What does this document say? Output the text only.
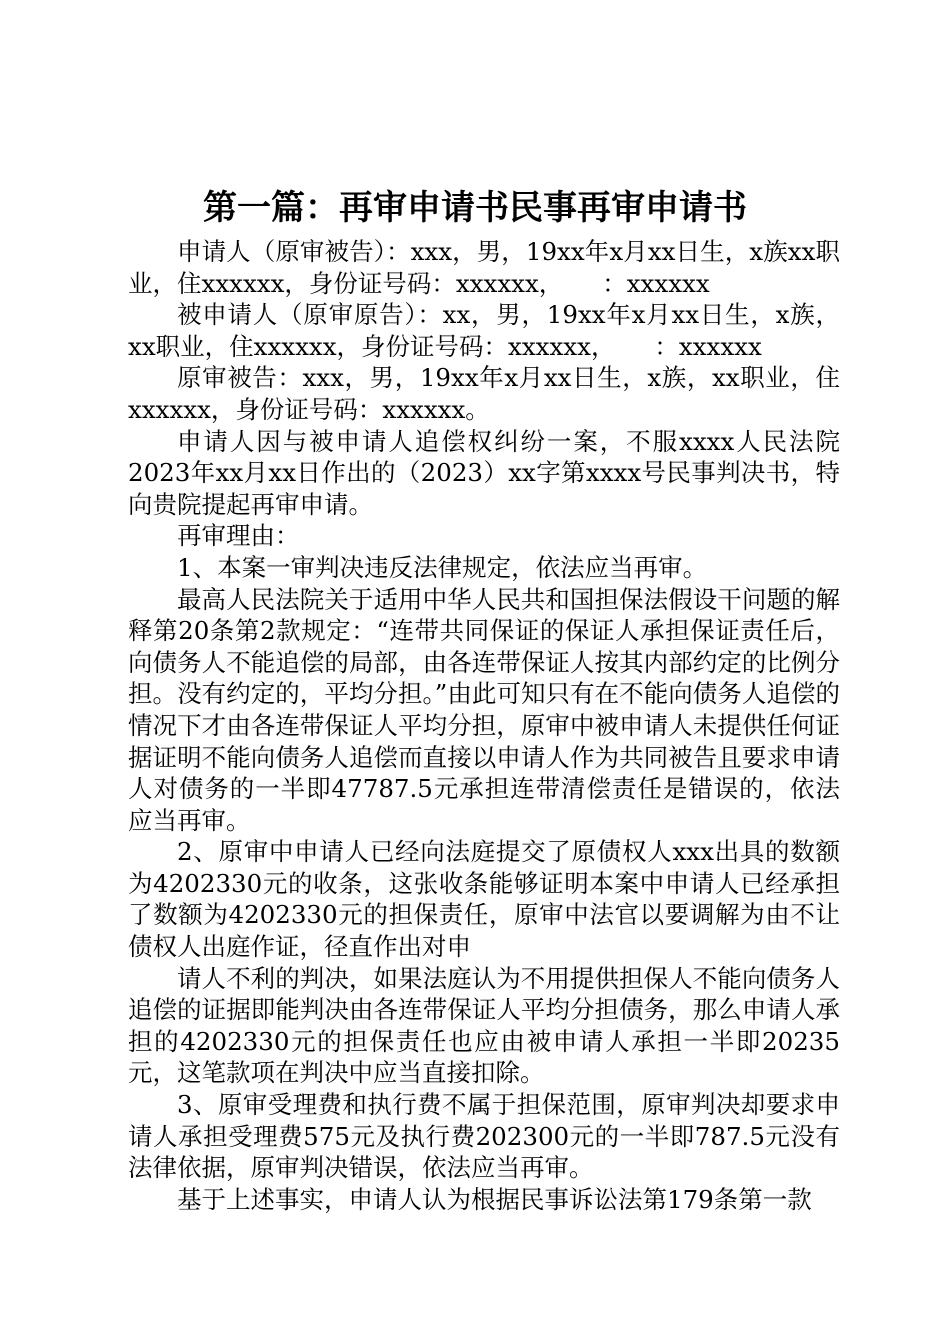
第一篇：再审申请书民事再审申请书

申请人（原审被告）：xxx，男，19xx年x月xx日生，x族xx职业，住xxxxxx，身份证号码：xxxxxx，     ：xxxxxx

被申请人（原审原告）：xx，男，19xx年x月xx日生，x族，xx职业，住xxxxxx，身份证号码：xxxxxx，     ：xxxxxx

原审被告：xxx，男，19xx年x月xx日生，x族，xx职业，住xxxxxx，身份证号码：xxxxxx。

申请人因与被申请人追偿权纠纷一案，不服xxxx人民法院2023年xx月xx日作出的（2023）xx字第xxxx号民事判决书，特向贵院提起再审申请。

再审理由：

1、本案一审判决违反法律规定，依法应当再审。

最高人民法院关于适用中华人民共和国担保法假设干问题的解释第20条第2款规定：“连带共同保证的保证人承担保证责任后，向债务人不能追偿的局部，由各连带保证人按其内部约定的比例分担。没有约定的，平均分担。”由此可知只有在不能向债务人追偿的情况下才由各连带保证人平均分担，原审中被申请人未提供任何证据证明不能向债务人追偿而直接以申请人作为共同被告且要求申请人对债务的一半即47787.5元承担连带清偿责任是错误的，依法应当再审。

2、原审中申请人已经向法庭提交了原债权人xxx出具的数额为4202330元的收条，这张收条能够证明本案中申请人已经承担了数额为4202330元的担保责任，原审中法官以要调解为由不让债权人出庭作证，径直作出对申

请人不利的判决，如果法庭认为不用提供担保人不能向债务人追偿的证据即能判决由各连带保证人平均分担债务，那么申请人承担的4202330元的担保责任也应由被申请人承担一半即20235元，这笔款项在判决中应当直接扣除。

3、原审受理费和执行费不属于担保范围，原审判决却要求申请人承担受理费575元及执行费202300元的一半即787.5元没有法律依据，原审判决错误，依法应当再审。

基于上述事实，申请人认为根据民事诉讼法第179条第一款
